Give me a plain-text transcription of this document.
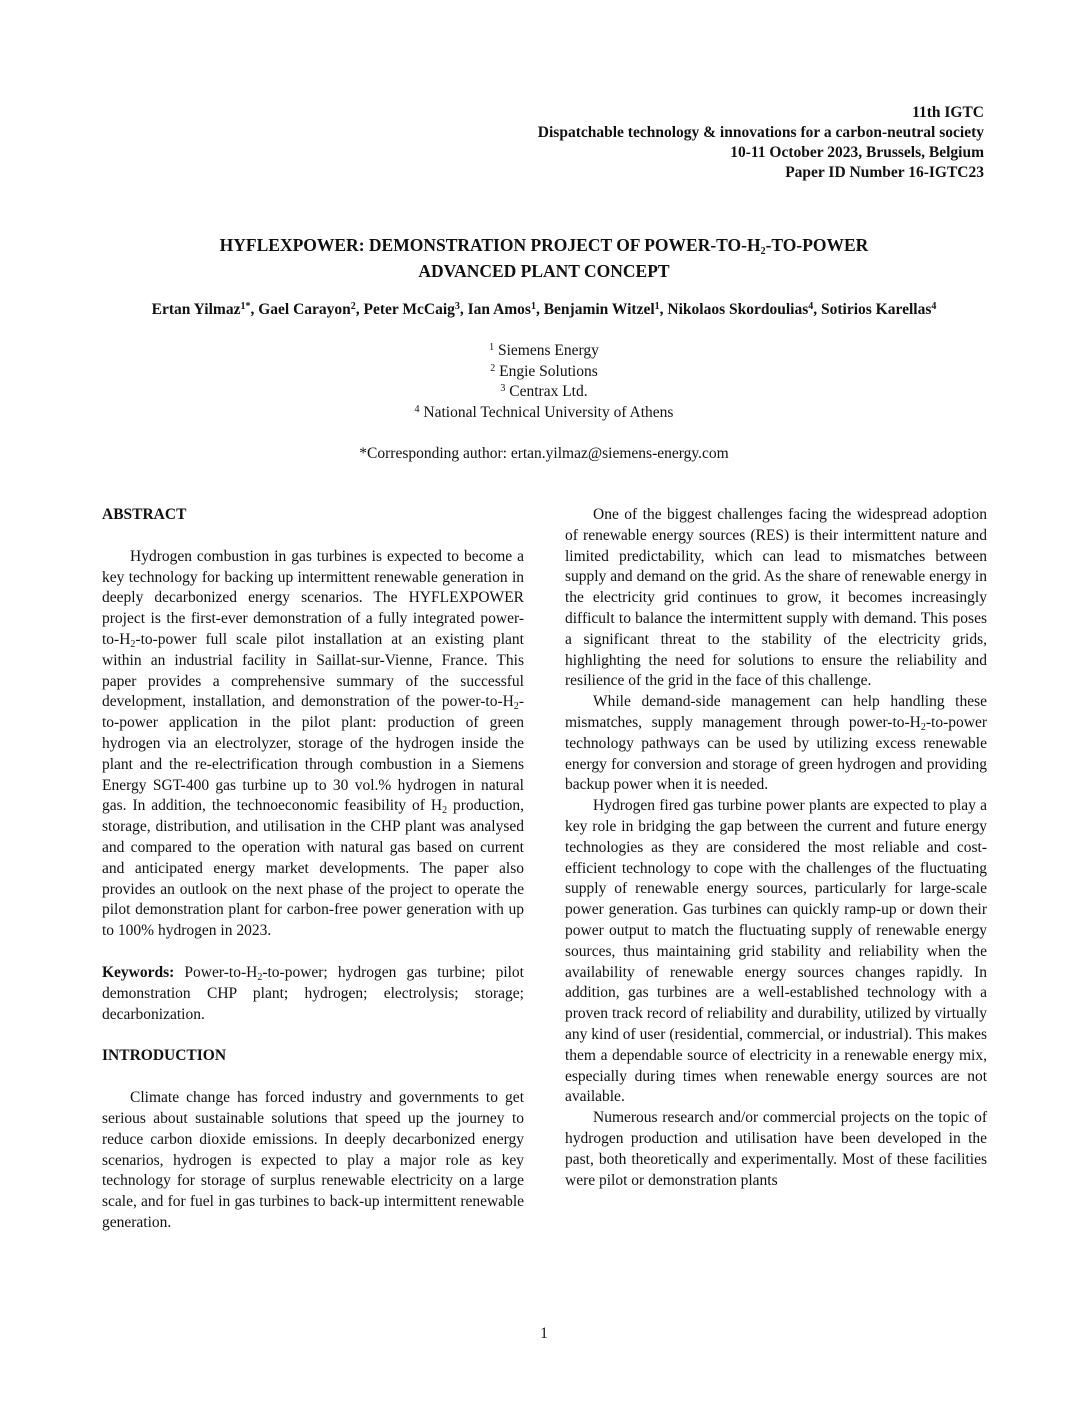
11th IGTC
Dispatchable technology & innovations for a carbon-neutral society
10-11 October 2023, Brussels, Belgium
Paper ID Number 16-IGTC23
HYFLEXPOWER: DEMONSTRATION PROJECT OF POWER-$TO-H_2-TO$-POWER
ADVANCED PLANT CONCEPT
Ertan Yilmaz$^{1*}$, Gael Carayon$^2$, Peter McCaig$^3$, Ian Amos$^1$, Benjamin Witzel$^1$, Nikolaos Skordoulias$^4$, Sotirios Karellas$^4$
$^1$ Siemens Energy
$^2$ Engie Solutions
$^3$ Centrax Ltd.
$^4$ National Technical University of Athens
*Corresponding author: ertan.yilmaz@siemens-energy.com
ABSTRACT

Hydrogen combustion in gas turbines is expected to become a key technology for backing up intermittent renewable generation in deeply decarbonized energy scenarios. The HYFLEXPOWER project is the first-ever demonstration of a fully integrated power-$to-H_2-to$-power full scale pilot installation at an existing plant within an industrial facility in Saillat-sur-Vienne, France. This paper provides a comprehensive summary of the successful development, installation, and demonstration of the power-$to-H_2-to$-power application in the pilot plant: production of green hydrogen via an electrolyzer, storage of the hydrogen inside the plant and the re-electrification through combustion in a Siemens Energy SGT-400 gas turbine up to 30 vol.% hydrogen in natural gas. In addition, the technoeconomic feasibility of $H_2$ production, storage, distribution, and utilisation in the CHP plant was analysed and compared to the operation with natural gas based on current and anticipated energy market developments. The paper also provides an outlook on the next phase of the project to operate the pilot demonstration plant for carbon-free power generation with up to 100% hydrogen in 2023.

Keywords: Power-$to-H_2-to$-power; hydrogen gas turbine; pilot demonstration CHP plant; hydrogen; electrolysis; storage; decarbonization.

INTRODUCTION

Climate change has forced industry and governments to get serious about sustainable solutions that speed up the journey to reduce carbon dioxide emissions. In deeply decarbonized energy scenarios, hydrogen is expected to play a major role as key technology for storage of surplus renewable electricity on a large scale, and for fuel in gas turbines to back-up intermittent renewable generation.

One of the biggest challenges facing the widespread adoption of renewable energy sources (RES) is their intermittent nature and limited predictability, which can lead to mismatches between supply and demand on the grid. As the share of renewable energy in the electricity grid continues to grow, it becomes increasingly difficult to balance the intermittent supply with demand. This poses a significant threat to the stability of the electricity grids, highlighting the need for solutions to ensure the reliability and resilience of the grid in the face of this challenge.

While demand-side management can help handling these mismatches, supply management through power-$to-H_2-to$-power technology pathways can be used by utilizing excess renewable energy for conversion and storage of green hydrogen and providing backup power when it is needed.

Hydrogen fired gas turbine power plants are expected to play a key role in bridging the gap between the current and future energy technologies as they are considered the most reliable and cost-efficient technology to cope with the challenges of the fluctuating supply of renewable energy sources, particularly for large-scale power generation. Gas turbines can quickly ramp-up or down their power output to match the fluctuating supply of renewable energy sources, thus maintaining grid stability and reliability when the availability of renewable energy sources changes rapidly. In addition, gas turbines are a well-established technology with a proven track record of reliability and durability, utilized by virtually any kind of user (residential, commercial, or industrial). This makes them a dependable source of electricity in a renewable energy mix, especially during times when renewable energy sources are not available.

Numerous research and/or commercial projects on the topic of hydrogen production and utilisation have been developed in the past, both theoretically and experimentally. Most of these facilities were pilot or demonstration plants

1
